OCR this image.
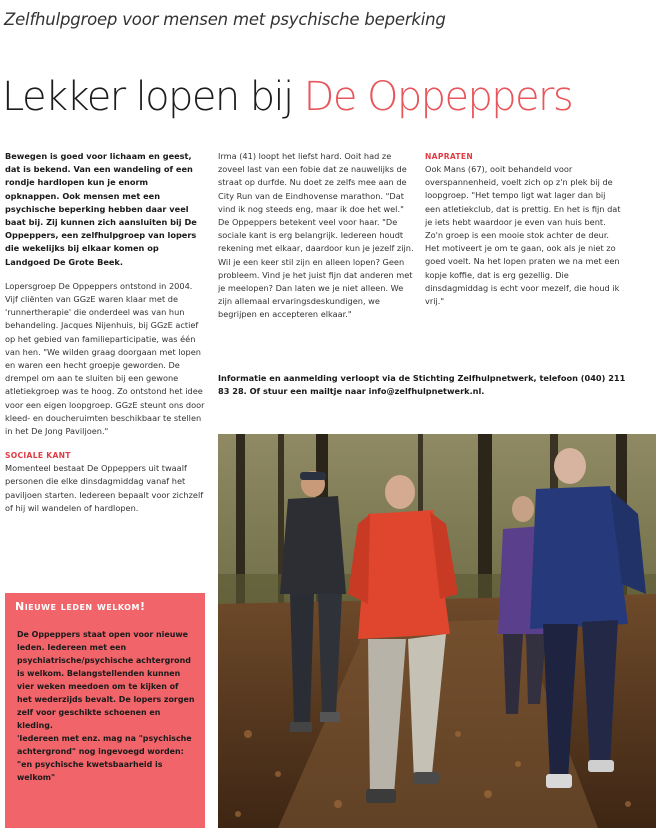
Zelfhulpgroep voor mensen met psychische beperking
Lekker lopen bij De Oppeppers

Bewegen is goed voor lichaam en geest, dat is bekend. Van een wandeling of een rondje hardlopen kun je enorm opknappen. Ook mensen met een psychische beperking hebben daar veel baat bij. Zij kunnen zich aansluiten bij De Oppeppers, een zelfhulpgroep van lopers die wekelijks bij elkaar komen op Landgoed De Grote Beek.

Lopersgroep De Oppeppers ontstond in 2004. Vijf cliënten van GGzE waren klaar met de 'runnertherapie' die onderdeel was van hun behandeling. Jacques Nijenhuis, bij GGzE actief op het gebied van familieparticipatie, was één van hen. "We wilden graag doorgaan met lopen en waren een hecht groepje geworden. De drempel om aan te sluiten bij een gewone atletiekgroep was te hoog. Zo ontstond het idee voor een eigen loopgroep. GGzE steunt ons door kleed- en doucheruimten beschikbaar te stellen in het De Jong Paviljoen."

SOCIALE KANT

Momenteel bestaat De Oppeppers uit twaalf personen die elke dinsdagmiddag vanaf het paviljoen starten. Iedereen bepaalt voor zichzelf of hij wil wandelen of hardlopen.

Irma (41) loopt het liefst hard. Ooit had ze zoveel last van een fobie dat ze nauwelijks de straat op durfde. Nu doet ze zelfs mee aan de City Run van de Eindhovense marathon. "Dat vind ik nog steeds eng, maar ik doe het wel." De Oppeppers betekent veel voor haar. "De sociale kant is erg belangrijk. Iedereen houdt rekening met elkaar, daardoor kun je jezelf zijn. Wil je een keer stil zijn en alleen lopen? Geen probleem. Vind je het juist fijn dat anderen met je meelopen? Dan laten we je niet alleen. We zijn allemaal ervaringsdeskundigen, we begrijpen en accepteren elkaar."

NAPRATEN

Ook Mans (67), ooit behandeld voor overspannenheid, voelt zich op z'n plek bij de loopgroep. "Het tempo ligt wat lager dan bij een atletiekclub, dat is prettig. En het is fijn dat je iets hebt waardoor je even van huis bent. Zo'n groep is een mooie stok achter de deur. Het motiveert je om te gaan, ook als je niet zo goed voelt. Na het lopen praten we na met een kopje koffie, dat is erg gezellig. Die dinsdagmiddag is echt voor mezelf, die houd ik vrij."

Informatie en aanmelding verloopt via de Stichting Zelfhulpnetwerk, telefoon (040) 211 83 28. Of stuur een mailtje naar info@zelfhulpnetwerk.nl.
Nieuwe leden welkom!

De Oppeppers staat open voor nieuwe leden. Iedereen met een psychiatrische/psychische achtergrond is welkom. Belangstellenden kunnen vier weken meedoen om te kijken of het wederzijds bevalt. De lopers zorgen zelf voor geschikte schoenen en kleding.

'Iedereen met enz. mag na "psychische achtergrond" nog ingevoegd worden: "en psychische kwetsbaarheid is welkom"
